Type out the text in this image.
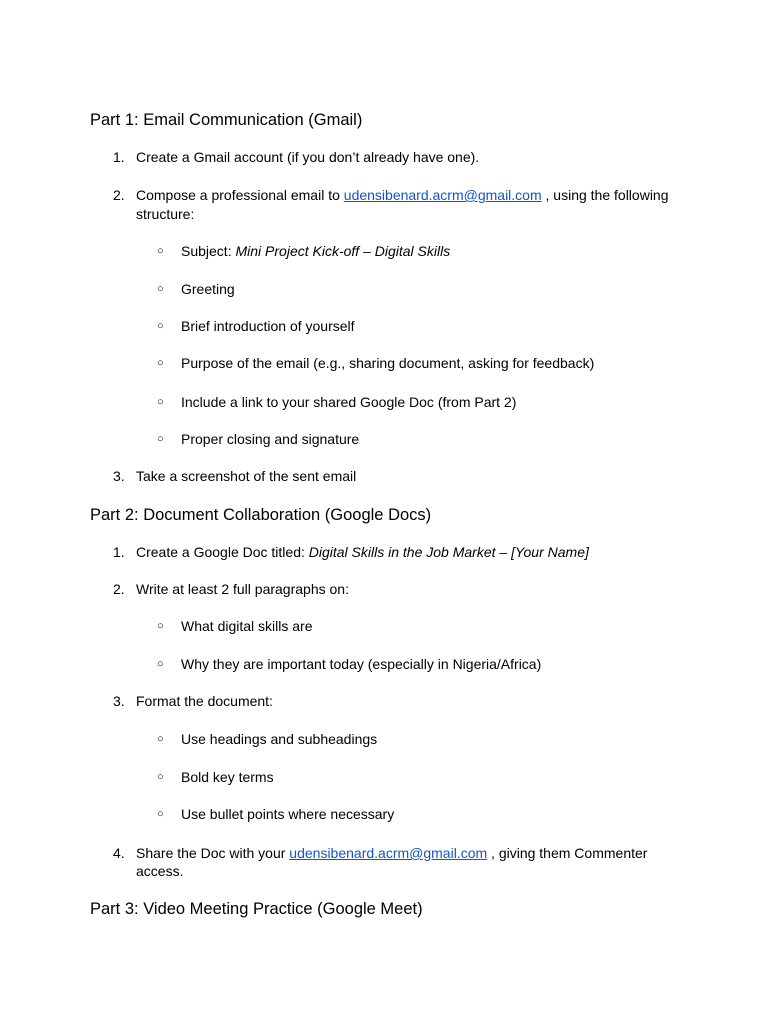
Part 1: Email Communication (Gmail)
1. Create a Gmail account (if you don’t already have one).
2. Compose a professional email to udensibenard.acrm@gmail.com , using the following
structure:
○ Subject: Mini Project Kick-off – Digital Skills
○ Greeting
○ Brief introduction of yourself
○ Purpose of the email (e.g., sharing document, asking for feedback)
○ Include a link to your shared Google Doc (from Part 2)
○ Proper closing and signature
3. Take a screenshot of the sent email
Part 2: Document Collaboration (Google Docs)
1. Create a Google Doc titled: Digital Skills in the Job Market – [Your Name]
2. Write at least 2 full paragraphs on:
○ What digital skills are
○ Why they are important today (especially in Nigeria/Africa)
3. Format the document:
○ Use headings and subheadings
○ Bold key terms
○ Use bullet points where necessary
4. Share the Doc with your udensibenard.acrm@gmail.com , giving them Commenter
access.
Part 3: Video Meeting Practice (Google Meet)
